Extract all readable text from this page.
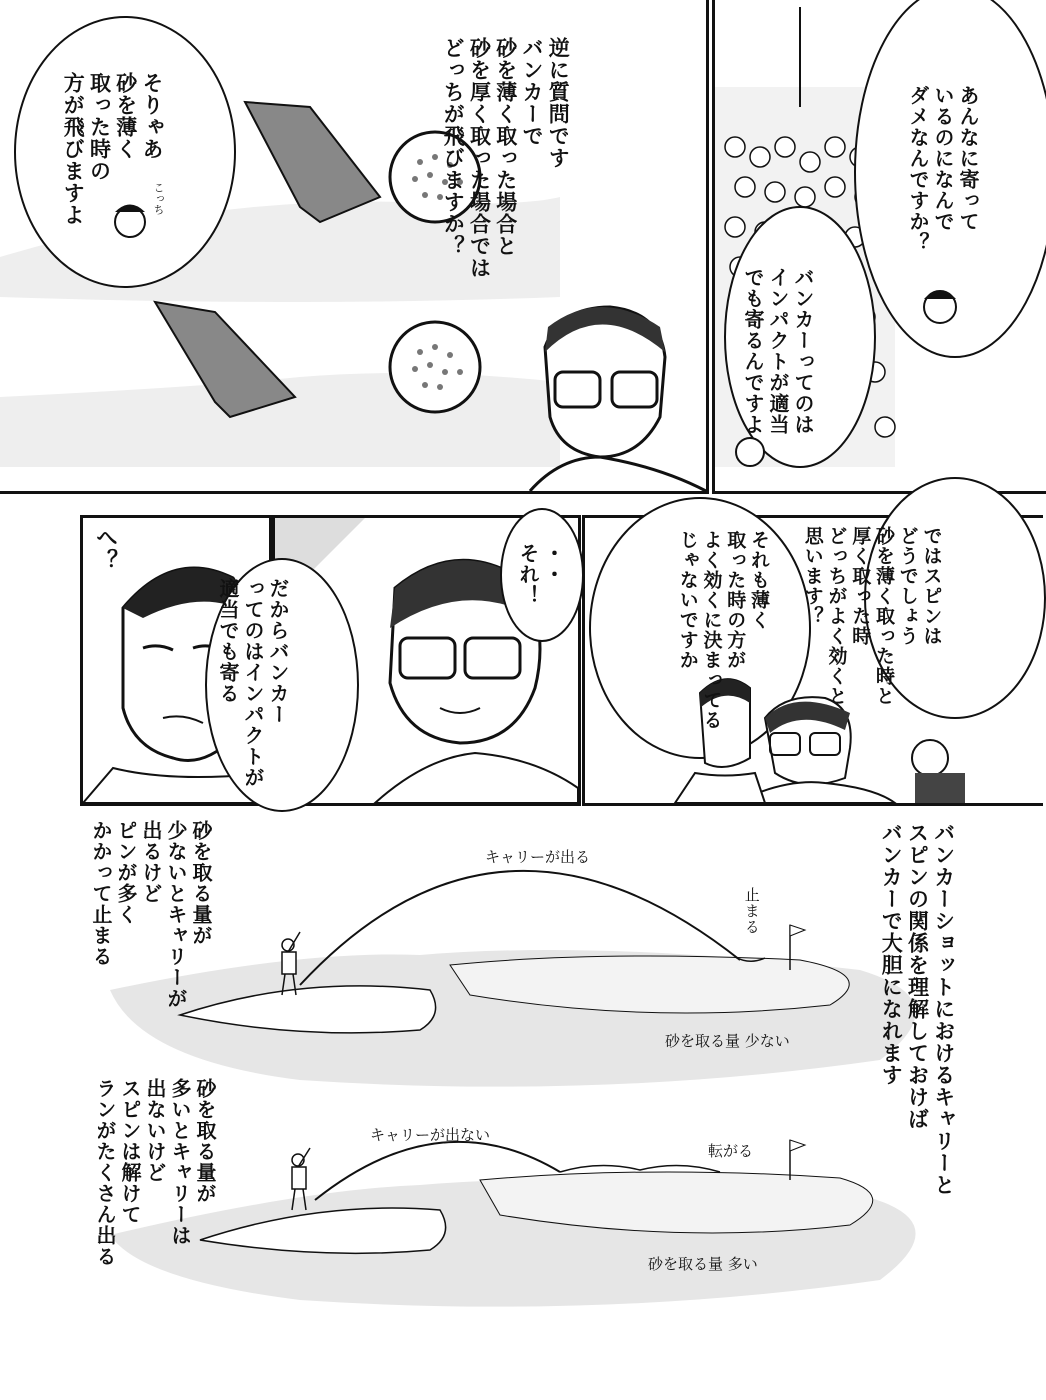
逆に質問です
バンカーで
砂を薄く取った場合と
砂を厚く取った場合では
どっちが飛びますか？
そりゃあ
砂を薄く
取った時の
方が飛びますよ	こっち	あんなに寄って
いるのになんで
ダメなんですか？
バンカーってのは
インパクトが適当
でも寄るんですよ
へ？	・・
それ！
だからバンカー
ってのはインパクトが
適当でも寄る	ではスピンは
どうでしょう
砂を薄く取った時と
厚く取った時
どっちがよく効くと
思います？
それも薄く
取った時の方が
よく効くに決まってる
じゃないですか
バンカーショットにおけるキャリーと
スピンの関係を理解しておけば
バンカーで大胆になれます
砂を取る量が
少ないとキャリーが
出るけど
ピンが多く
かかって止まる	キャリーが出る
止まる
砂を取る量 少ない
砂を取る量が
多いとキャリーは
出ないけど
スピンは解けて
ランがたくさん出る	キャリーが出ない
転がる
砂を取る量 多い
